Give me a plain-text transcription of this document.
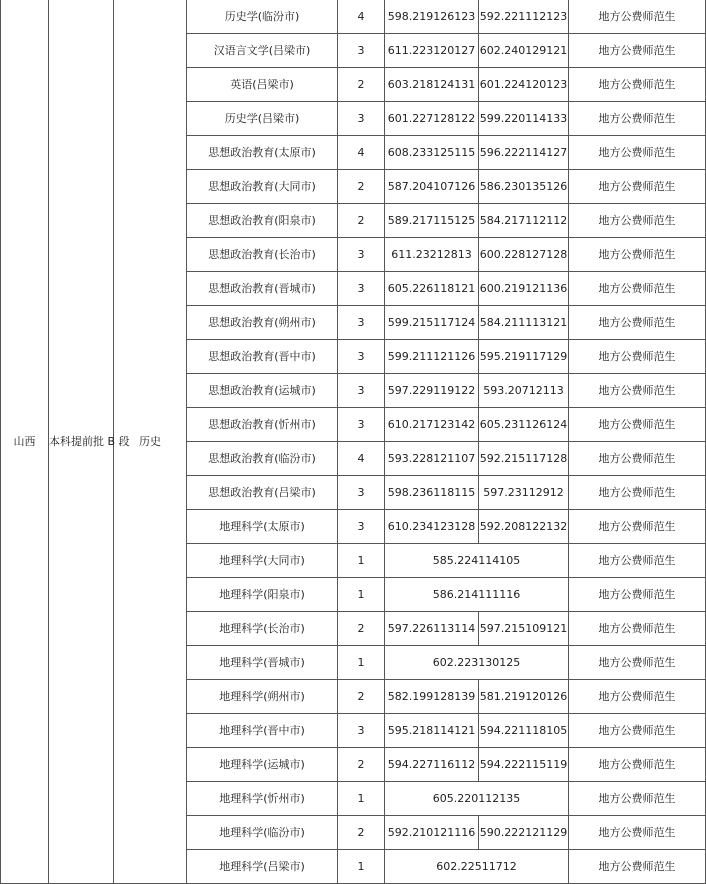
山西	本科提前批 B 段	历史	历史学(临汾市)	4	598.219126123	592.221112123	地方公费师范生
			汉语言文学(吕梁市)	3	611.223120127	602.240129121	地方公费师范生
			英语(吕梁市)	2	603.218124131	601.224120123	地方公费师范生
			历史学(吕梁市)	3	601.227128122	599.220114133	地方公费师范生
			思想政治教育(太原市)	4	608.233125115	596.222114127	地方公费师范生
			思想政治教育(大同市)	2	587.204107126	586.230135126	地方公费师范生
			思想政治教育(阳泉市)	2	589.217115125	584.217112112	地方公费师范生
			思想政治教育(长治市)	3	611.23212813	600.228127128	地方公费师范生
			思想政治教育(晋城市)	3	605.226118121	600.219121136	地方公费师范生
			思想政治教育(朔州市)	3	599.215117124	584.211113121	地方公费师范生
			思想政治教育(晋中市)	3	599.211121126	595.219117129	地方公费师范生
			思想政治教育(运城市)	3	597.229119122	593.20712113	地方公费师范生
			思想政治教育(忻州市)	3	610.217123142	605.231126124	地方公费师范生
			思想政治教育(临汾市)	4	593.228121107	592.215117128	地方公费师范生
			思想政治教育(吕梁市)	3	598.236118115	597.23112912	地方公费师范生
			地理科学(太原市)	3	610.234123128	592.208122132	地方公费师范生
			地理科学(大同市)	1	585.224114105		地方公费师范生
			地理科学(阳泉市)	1	586.214111116		地方公费师范生
			地理科学(长治市)	2	597.226113114	597.215109121	地方公费师范生
			地理科学(晋城市)	1	602.223130125		地方公费师范生
			地理科学(朔州市)	2	582.199128139	581.219120126	地方公费师范生
			地理科学(晋中市)	3	595.218114121	594.221118105	地方公费师范生
			地理科学(运城市)	2	594.227116112	594.222115119	地方公费师范生
			地理科学(忻州市)	1	605.220112135		地方公费师范生
			地理科学(临汾市)	2	592.210121116	590.222121129	地方公费师范生
			地理科学(吕梁市)	1	602.22511712		地方公费师范生
